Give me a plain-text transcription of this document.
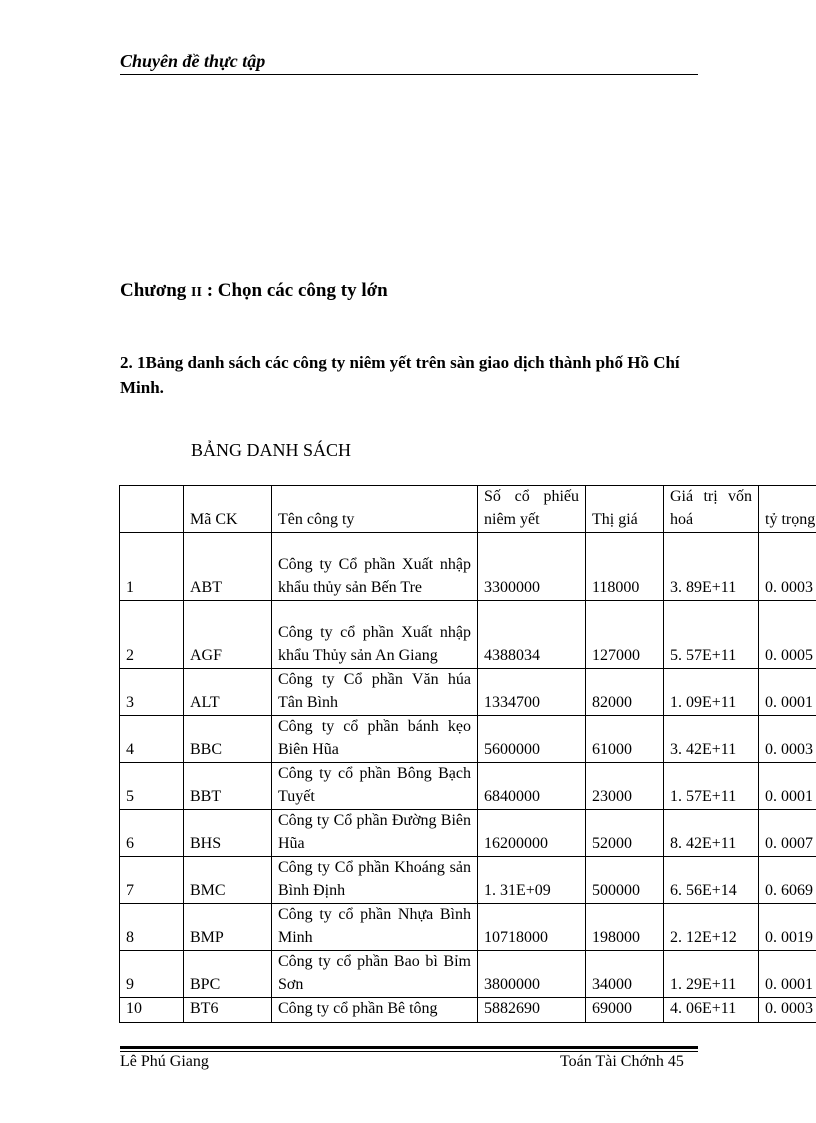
Chuyên đề thực tập
Chương II : Chọn các công ty lớn
2. 1Bảng danh sách các công ty niêm yết trên sàn giao dịch thành phố Hồ Chí Minh.
BẢNG DANH SÁCH
	Mã CK	Tên công ty	Số cổ phiếu niêm yết	Thị giá	Giá trị vốn hoá	tỷ trọng
1	ABT	Công ty Cổ phần Xuất nhập khẩu thủy sản Bến Tre	3300000	118000	3. 89E+11	0. 0003
2	AGF	Công ty cổ phần Xuất nhập khẩu Thủy sản An Giang	4388034	127000	5. 57E+11	0. 0005
3	ALT	Công ty Cổ phần Văn húa Tân Bình	1334700	82000	1. 09E+11	0. 0001
4	BBC	Công ty cổ phần bánh kẹo Biên Hũa	5600000	61000	3. 42E+11	0. 0003
5	BBT	Công ty cổ phần Bông Bạch Tuyết	6840000	23000	1. 57E+11	0. 0001
6	BHS	Công ty Cổ phần Đường Biên Hũa	16200000	52000	8. 42E+11	0. 0007
7	BMC	Công ty Cổ phần Khoáng sản Bình Định	1. 31E+09	500000	6. 56E+14	0. 6069
8	BMP	Công ty cổ phần Nhựa Bình Minh	10718000	198000	2. 12E+12	0. 0019
9	BPC	Công ty cổ phần Bao bì Bỉm Sơn	3800000	34000	1. 29E+11	0. 0001
10	BT6	Công ty cổ phần Bê tông	5882690	69000	4. 06E+11	0. 0003
Lê Phú Giang	Toán Tài Chớnh 45
